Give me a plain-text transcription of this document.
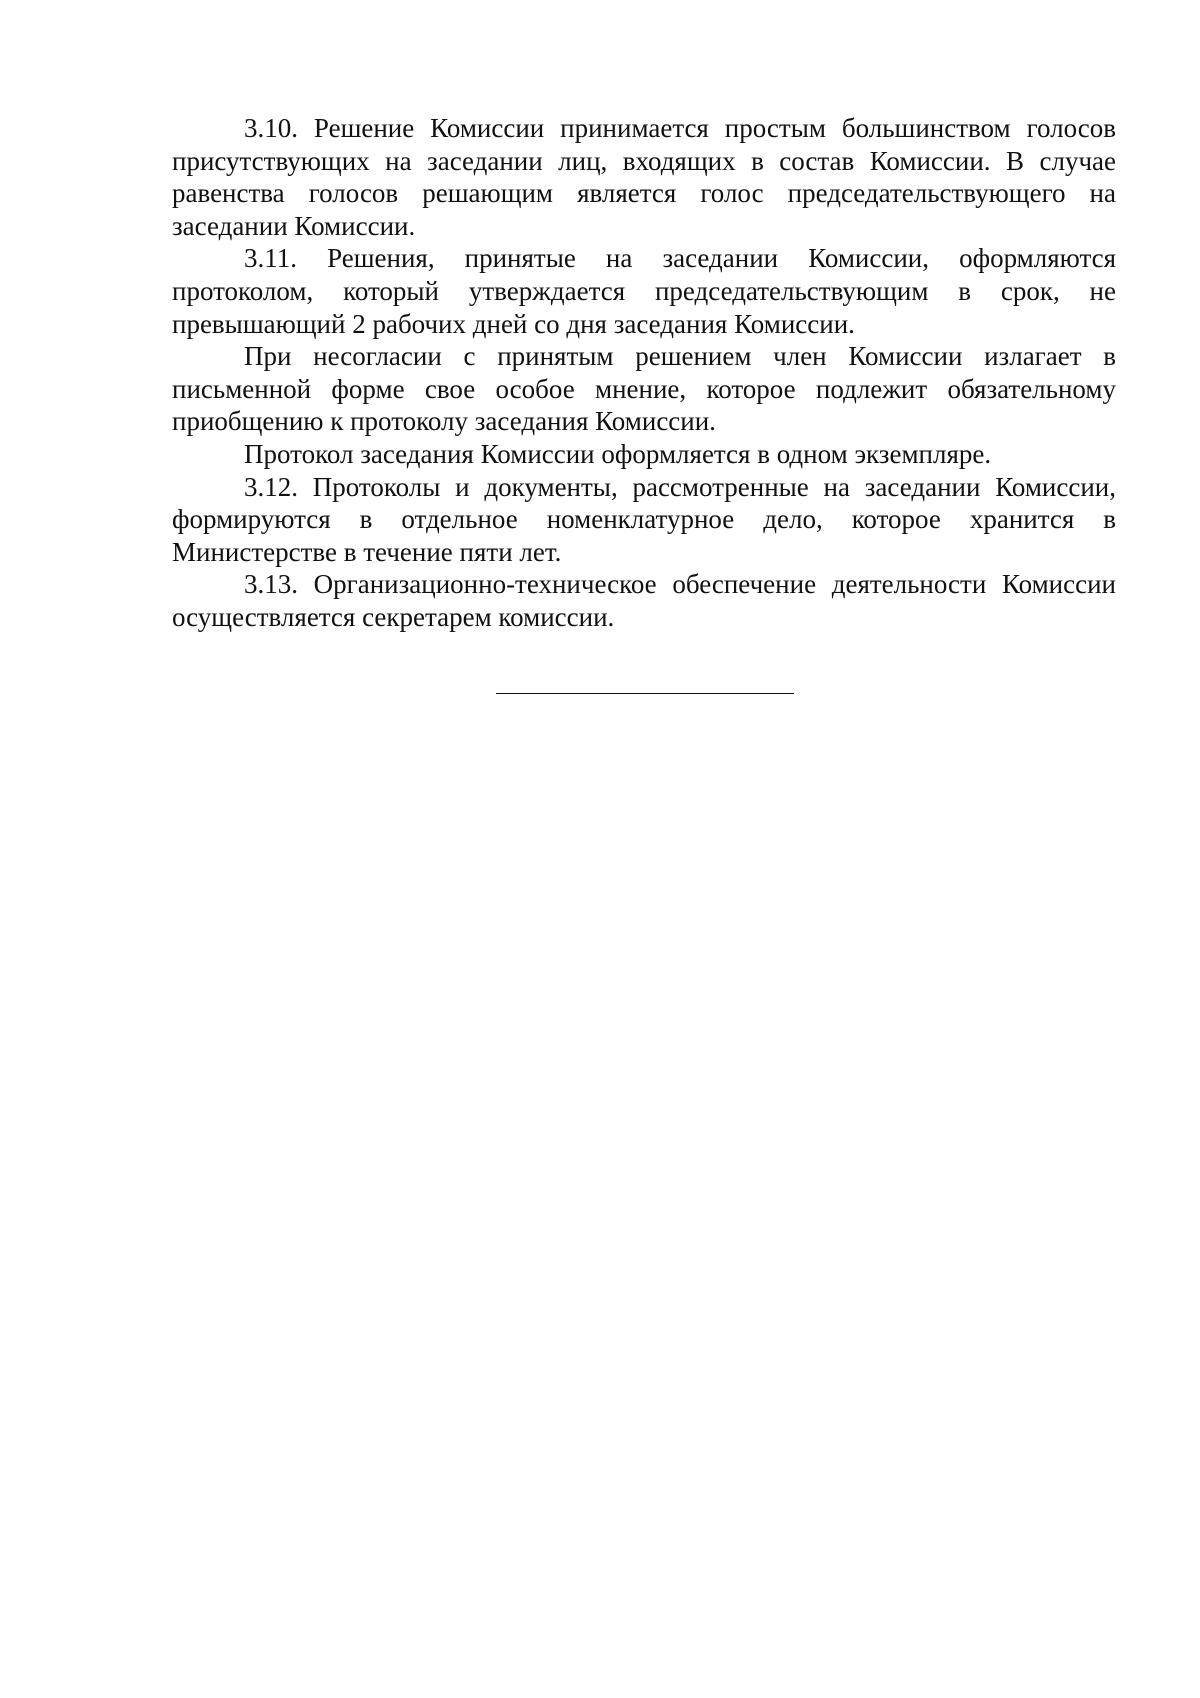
3.10. Решение Комиссии принимается простым большинством голосов присутствующих на заседании лиц, входящих в состав Комиссии. В случае равенства голосов решающим является голос председательствующего на заседании Комиссии.

3.11. Решения, принятые на заседании Комиссии, оформляются протоколом, который утверждается председательствующим в срок, не превышающий 2 рабочих дней со дня заседания Комиссии.

При несогласии с принятым решением член Комиссии излагает в письменной форме свое особое мнение, которое подлежит обязательному приобщению к протоколу заседания Комиссии.

Протокол заседания Комиссии оформляется в одном экземпляре.

3.12. Протоколы и документы, рассмотренные на заседании Комиссии, формируются в отдельное номенклатурное дело, которое хранится в Министерстве в течение пяти лет.

3.13. Организационно-техническое обеспечение деятельности Комиссии осуществляется секретарем комиссии.
